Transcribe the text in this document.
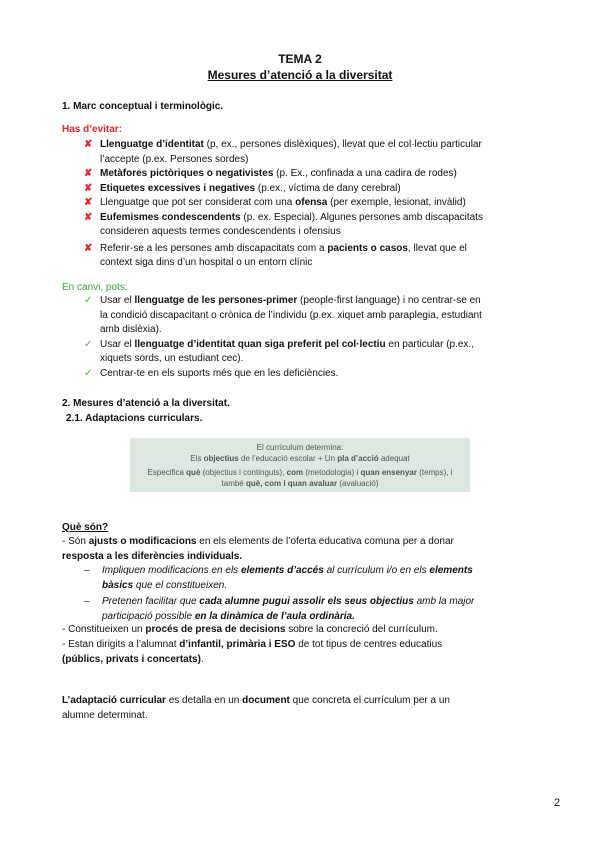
TEMA 2
Mesures d’atenció a la diversitat
1. Marc conceptual i terminològic.
Has d’evitar:
✘ Llenguatge d’identitat (p, ex., persones dislèxiques), llevat que el col·lectiu particular
l’accepte (p.ex. Persones sordes)
✘ Metàfores pictòriques o negativistes (p. Ex., confinada a una cadira de rodes)
✘ Etiquetes excessives i negatives (p.ex., víctima de dany cerebral)
✘ Llenguatge que pot ser considerat com una ofensa (per exemple, lesionat, invàlid)
✘ Eufemismes condescendents (p. ex. Especial). Algunes persones amb discapacitats
consideren aquests termes condescendents i ofensius
✘ Referir-se a les persones amb discapacitats com a pacients o casos, llevat que el
context siga dins d’un hospital o un entorn clínic
En canvi, pots:
✓ Usar el llenguatge de les persones-primer (people-first language) i no centrar-se en
la condició discapacitant o crònica de l’individu (p.ex. xiquet amb paraplegia, estudiant
amb dislèxia).
✓ Usar el llenguatge d’identitat quan siga preferit pel col·lectiu en particular (p.ex.,
xiquets sords, un estudiant cec).
✓ Centrar-te en els suports més que en les deficiències.
2. Mesures d’atenció a la diversitat.
2.1. Adaptacions curriculars.
El currículum determina:
Els objectius de l’educació escolar + Un pla d’acció adequat
Especifica què (objectius i continguts), com (metodologia) i quan ensenyar (temps), i
també què, com i quan avaluar (avaluació)
Què són?
- Són ajusts o modificacions en els elements de l’oferta educativa comuna per a donar
resposta a les diferències individuals.
– Impliquen modificacions en els elements d’accés al currículum i/o en els elements
bàsics que el constitueixen.
– Pretenen facilitar que cada alumne pugui assolir els seus objectius amb la major
participació possible en la dinàmica de l’aula ordinària.
- Constitueixen un procés de presa de decisions sobre la concreció del currículum.
- Estan dirigits a l’alumnat d’infantil, primària i ESO de tot tipus de centres educatius
(públics, privats i concertats).
L’adaptació curricular es detalla en un document que concreta el currículum per a un
alumne determinat.
2
